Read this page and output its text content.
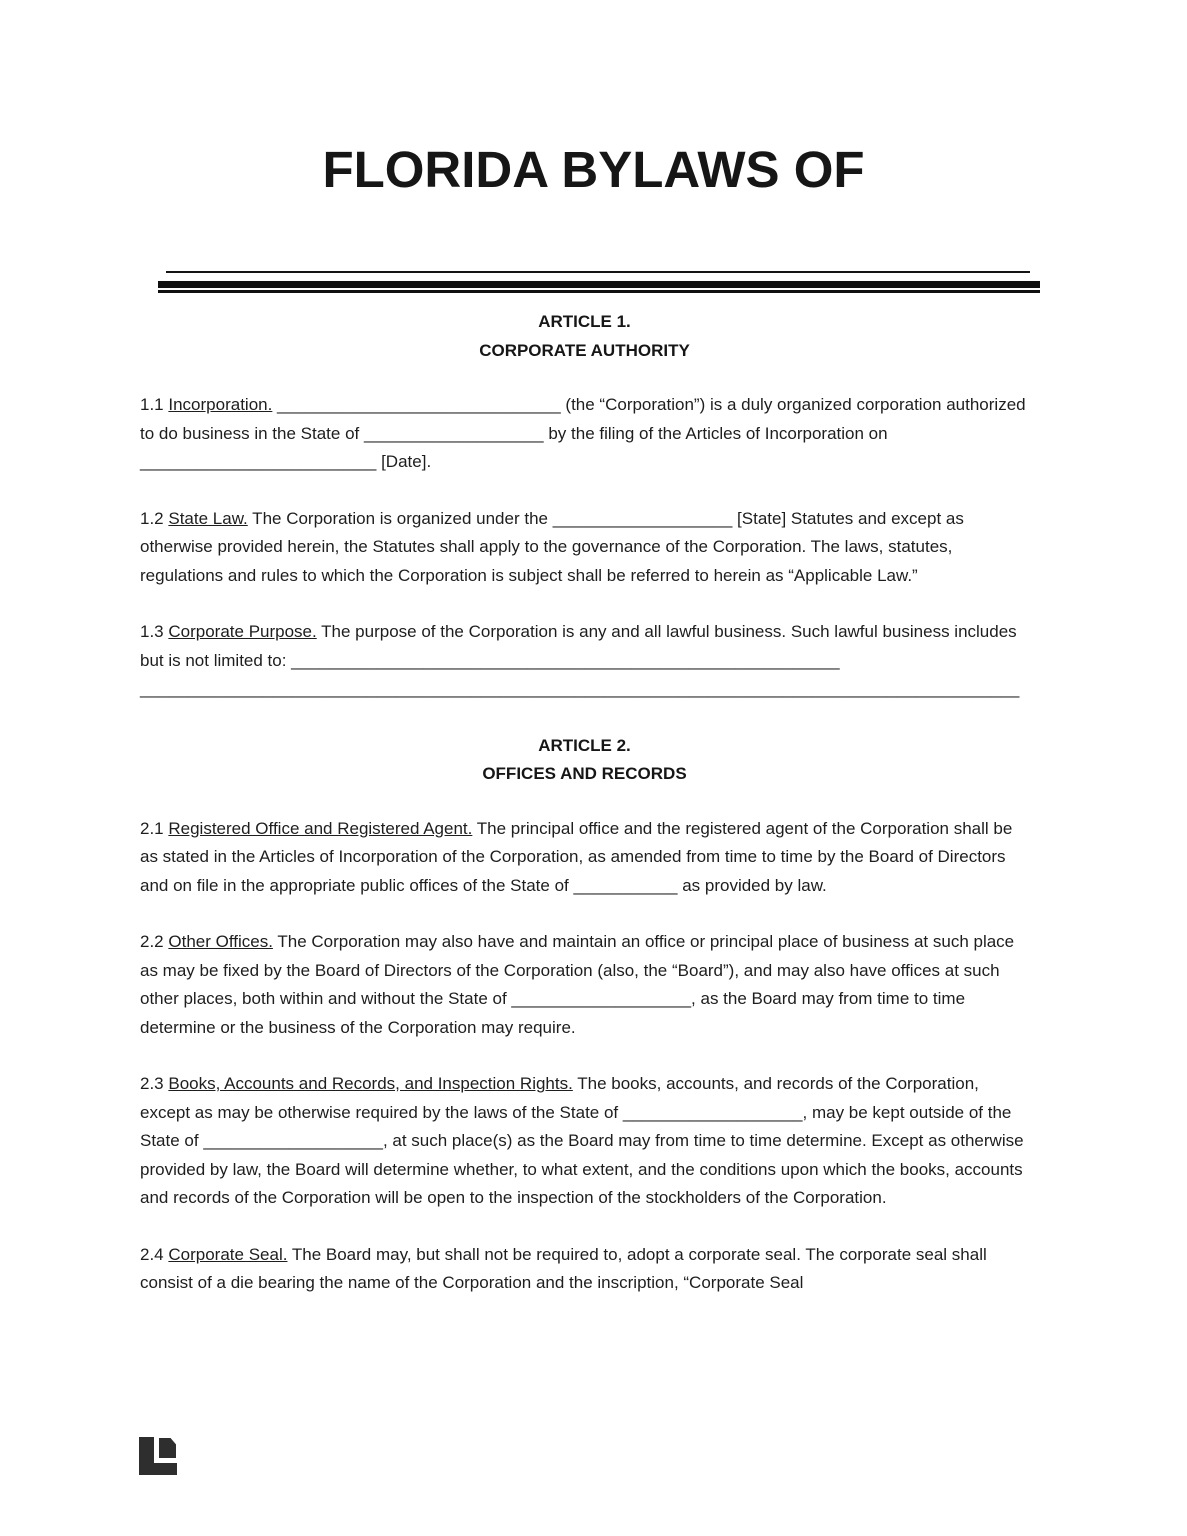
FLORIDA BYLAWS OF
ARTICLE 1.
CORPORATE AUTHORITY

1.1 Incorporation. ______________________________ (the “Corporation”) is a duly organized corporation authorized to do business in the State of ___________________ by the filing of the Articles of Incorporation on _________________________ [Date].

1.2 State Law. The Corporation is organized under the ___________________ [State] Statutes and except as otherwise provided herein, the Statutes shall apply to the governance of the Corporation. The laws, statutes, regulations and rules to which the Corporation is subject shall be referred to herein as “Applicable Law.”

1.3 Corporate Purpose. The purpose of the Corporation is any and all lawful business. Such lawful business includes but is not limited to: __________________________________________________________ _____________________________________________________________________________________________

ARTICLE 2.
OFFICES AND RECORDS

2.1 Registered Office and Registered Agent. The principal office and the registered agent of the Corporation shall be as stated in the Articles of Incorporation of the Corporation, as amended from time to time by the Board of Directors and on file in the appropriate public offices of the State of ___________ as provided by law.

2.2 Other Offices. The Corporation may also have and maintain an office or principal place of business at such place as may be fixed by the Board of Directors of the Corporation (also, the “Board”), and may also have offices at such other places, both within and without the State of ___________________, as the Board may from time to time determine or the business of the Corporation may require.

2.3 Books, Accounts and Records, and Inspection Rights. The books, accounts, and records of the Corporation, except as may be otherwise required by the laws of the State of ___________________, may be kept outside of the State of ___________________, at such place(s) as the Board may from time to time determine. Except as otherwise provided by law, the Board will determine whether, to what extent, and the conditions upon which the books, accounts and records of the Corporation will be open to the inspection of the stockholders of the Corporation.

2.4 Corporate Seal. The Board may, but shall not be required to, adopt a corporate seal. The corporate seal shall consist of a die bearing the name of the Corporation and the inscription, “Corporate Seal
